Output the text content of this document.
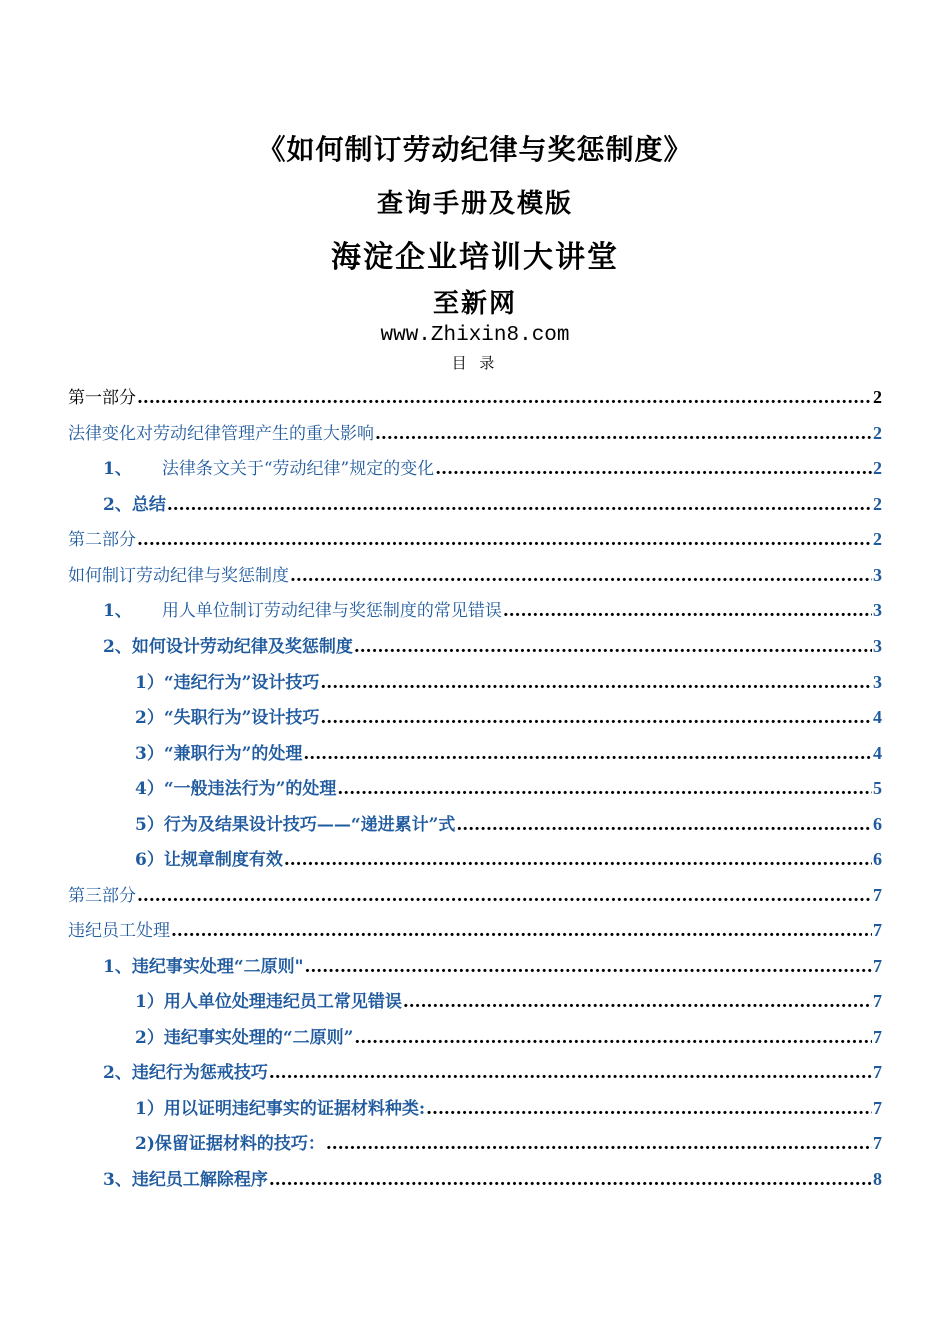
《如何制订劳动纪律与奖惩制度》
查询手册及模版
海淀企业培训大讲堂
至新网
www.Zhixin8.com
目 录
第一部分 .....	2
法律变化对劳动纪律管理产生的重大影响 .....	2
1、 法律条文关于“劳动纪律”规定的变化 .....	2
2、总结 .....	2
第二部分 .....	2
如何制订劳动纪律与奖惩制度 .....	3
1、 用人单位制订劳动纪律与奖惩制度的常见错误 .....	3
2、如何设计劳动纪律及奖惩制度 .....	3
1）“违纪行为”设计技巧 .....	3
2）“失职行为”设计技巧 .....	4
3）“兼职行为”的处理 .....	4
4）“一般违法行为”的处理 .....	5
5）行为及结果设计技巧——“递进累计”式 .....	6
6）让规章制度有效 .....	6
第三部分 .....	7
违纪员工处理 .....	7
1、违纪事实处理“二原则" .....	7
1）用人单位处理违纪员工常见错误 .....	7
2）违纪事实处理的“二原则” .....	7
2、违纪行为惩戒技巧 .....	7
1）用以证明违纪事实的证据材料种类: .....	7
2)保留证据材料的技巧： .....	7
3、违纪员工解除程序 .....	8
